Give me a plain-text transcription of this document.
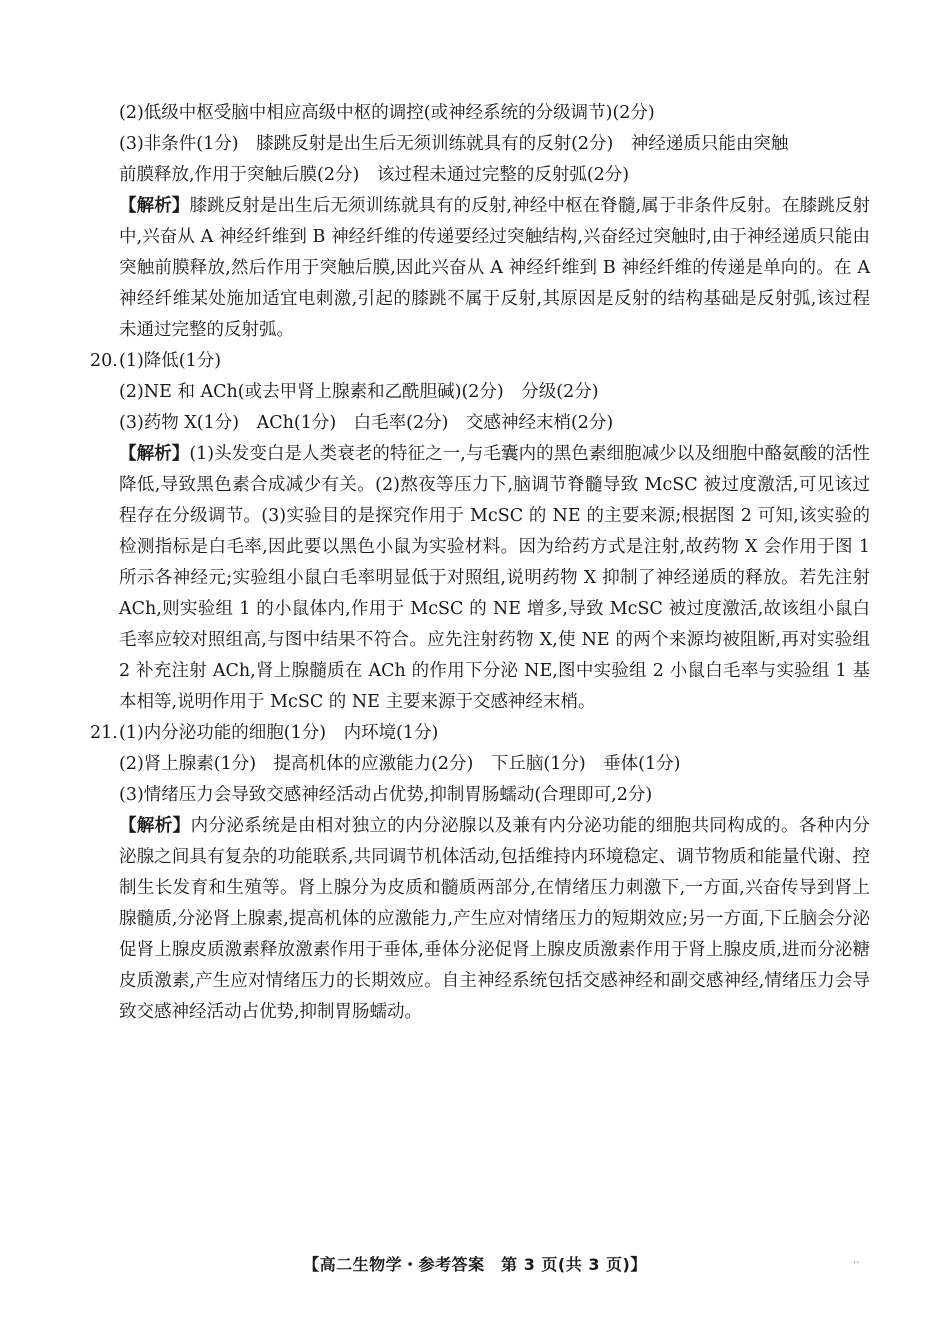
(2)低级中枢受脑中相应高级中枢的调控(或神经系统的分级调节)(2分)
(3)非条件(1分)　膝跳反射是出生后无须训练就具有的反射(2分)　神经递质只能由突触
前膜释放,作用于突触后膜(2分)　该过程未通过完整的反射弧(2分)
【解析】膝跳反射是出生后无须训练就具有的反射,神经中枢在脊髓,属于非条件反射。在膝跳反射中,兴奋从 A 神经纤维到 B 神经纤维的传递要经过突触结构,兴奋经过突触时,由于神经递质只能由突触前膜释放,然后作用于突触后膜,因此兴奋从 A 神经纤维到 B 神经纤维的传递是单向的。在 A 神经纤维某处施加适宜电刺激,引起的膝跳不属于反射,其原因是反射的结构基础是反射弧,该过程未通过完整的反射弧。
20.(1)降低(1分)
(2)NE 和 ACh(或去甲肾上腺素和乙酰胆碱)(2分)　分级(2分)
(3)药物 X(1分)　ACh(1分)　白毛率(2分)　交感神经末梢(2分)
【解析】(1)头发变白是人类衰老的特征之一,与毛囊内的黑色素细胞减少以及细胞中酪氨酸的活性降低,导致黑色素合成减少有关。(2)熬夜等压力下,脑调节脊髓导致 McSC 被过度激活,可见该过程存在分级调节。(3)实验目的是探究作用于 McSC 的 NE 的主要来源;根据图 2 可知,该实验的检测指标是白毛率,因此要以黑色小鼠为实验材料。因为给药方式是注射,故药物 X 会作用于图 1 所示各神经元;实验组小鼠白毛率明显低于对照组,说明药物 X 抑制了神经递质的释放。若先注射 ACh,则实验组 1 的小鼠体内,作用于 McSC 的 NE 增多,导致 McSC 被过度激活,故该组小鼠白毛率应较对照组高,与图中结果不符合。应先注射药物 X,使 NE 的两个来源均被阻断,再对实验组 2 补充注射 ACh,肾上腺髓质在 ACh 的作用下分泌 NE,图中实验组 2 小鼠白毛率与实验组 1 基本相等,说明作用于 McSC 的 NE 主要来源于交感神经末梢。
21.(1)内分泌功能的细胞(1分)　内环境(1分)
(2)肾上腺素(1分)　提高机体的应激能力(2分)　下丘脑(1分)　垂体(1分)
(3)情绪压力会导致交感神经活动占优势,抑制胃肠蠕动(合理即可,2分)
【解析】内分泌系统是由相对独立的内分泌腺以及兼有内分泌功能的细胞共同构成的。各种内分泌腺之间具有复杂的功能联系,共同调节机体活动,包括维持内环境稳定、调节物质和能量代谢、控制生长发育和生殖等。肾上腺分为皮质和髓质两部分,在情绪压力刺激下,一方面,兴奋传导到肾上腺髓质,分泌肾上腺素,提高机体的应激能力,产生应对情绪压力的短期效应;另一方面,下丘脑会分泌促肾上腺皮质激素释放激素作用于垂体,垂体分泌促肾上腺皮质激素作用于肾上腺皮质,进而分泌糖皮质激素,产生应对情绪压力的长期效应。自主神经系统包括交感神经和副交感神经,情绪压力会导致交感神经活动占优势,抑制胃肠蠕动。
【高二生物学・参考答案　第 3 页(共 3 页)】	··
